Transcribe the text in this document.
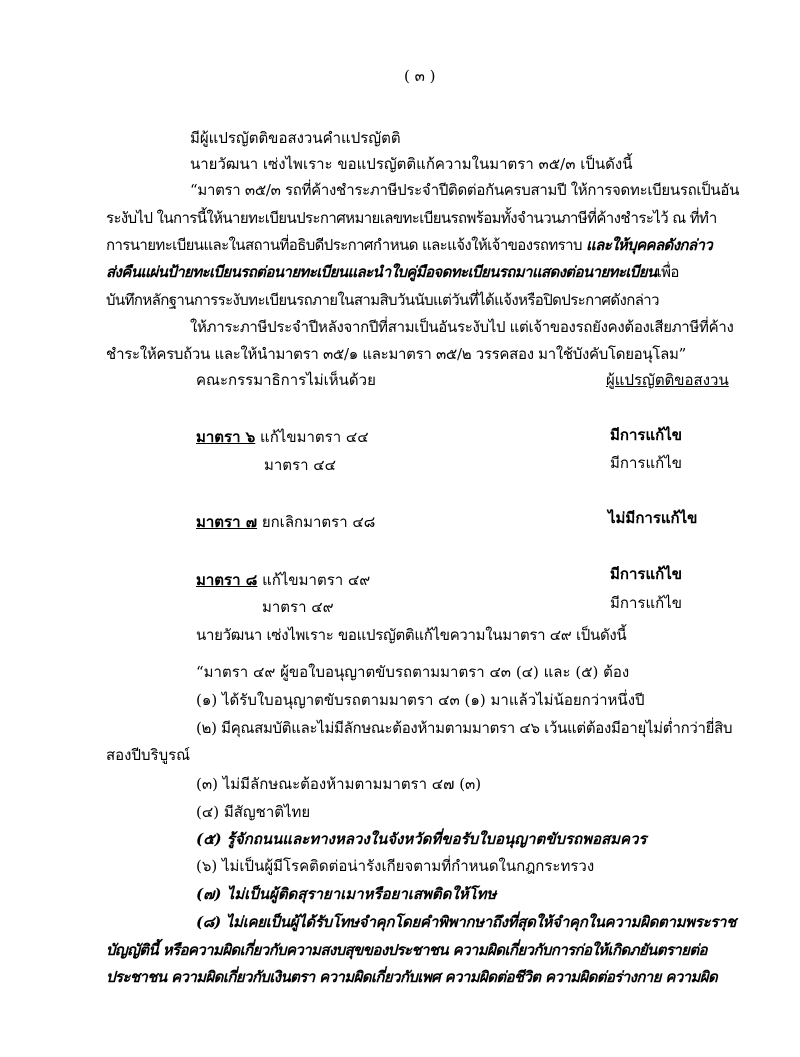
( ๓ )
มีผู้แปรญัตติขอสงวนคำแปรญัตติ
นายวัฒนา เซ่งไพเราะ ขอแปรญัตติแก้ความในมาตรา ๓๕/๓ เป็นดังนี้
“มาตรา ๓๕/๓ รถที่ค้างชำระภาษีประจำปีติดต่อกันครบสามปี ให้การจดทะเบียนรถเป็นอัน
ระงับไป ในการนี้ให้นายทะเบียนประกาศหมายเลขทะเบียนรถพร้อมทั้งจำนวนภาษีที่ค้างชำระไว้ ณ ที่ทำ
การนายทะเบียนและในสถานที่อธิบดีประกาศกำหนด และแจ้งให้เจ้าของรถทราบ และให้บุคคลดังกล่าว
ส่งคืนแผ่นป้ายทะเบียนรถต่อนายทะเบียนและนำใบคู่มือจดทะเบียนรถมาแสดงต่อนายทะเบียนเพื่อ
บันทึกหลักฐานการระงับทะเบียนรถภายในสามสิบวันนับแต่วันที่ได้แจ้งหรือปิดประกาศดังกล่าว
ให้ภาระภาษีประจำปีหลังจากปีที่สามเป็นอันระงับไป แต่เจ้าของรถยังคงต้องเสียภาษีที่ค้าง
ชำระให้ครบถ้วน และให้นำมาตรา ๓๕/๑ และมาตรา ๓๕/๒ วรรคสอง มาใช้บังคับโดยอนุโลม”
คณะกรรมาธิการไม่เห็นด้วย	ผู้แปรญัตติขอสงวน
มาตรา ๖ แก้ไขมาตรา ๔๔	มีการแก้ไข
มาตรา ๔๔	มีการแก้ไข
มาตรา ๗ ยกเลิกมาตรา ๔๘	ไม่มีการแก้ไข
มาตรา ๘ แก้ไขมาตรา ๔๙	มีการแก้ไข
มาตรา ๔๙	มีการแก้ไข
นายวัฒนา เซ่งไพเราะ ขอแปรญัตติแก้ไขความในมาตรา ๔๙ เป็นดังนี้
“มาตรา ๔๙ ผู้ขอใบอนุญาตขับรถตามมาตรา ๔๓ (๔) และ (๕) ต้อง
(๑) ได้รับใบอนุญาตขับรถตามมาตรา ๔๓ (๑) มาแล้วไม่น้อยกว่าหนึ่งปี
(๒) มีคุณสมบัติและไม่มีลักษณะต้องห้ามตามมาตรา ๔๖ เว้นแต่ต้องมีอายุไม่ต่ำกว่ายี่สิบ
สองปีบริบูรณ์
(๓) ไม่มีลักษณะต้องห้ามตามมาตรา ๔๗ (๓)
(๔) มีสัญชาติไทย
(๕) รู้จักถนนและทางหลวงในจังหวัดที่ขอรับใบอนุญาตขับรถพอสมควร
(๖) ไม่เป็นผู้มีโรคติดต่อน่ารังเกียจตามที่กำหนดในกฎกระทรวง
(๗) ไม่เป็นผู้ติดสุรายาเมาหรือยาเสพติดให้โทษ
(๘) ไม่เคยเป็นผู้ได้รับโทษจำคุกโดยคำพิพากษาถึงที่สุดให้จำคุกในความผิดตามพระราช
บัญญัตินี้ หรือความผิดเกี่ยวกับความสงบสุขของประชาชน ความผิดเกี่ยวกับการก่อให้เกิดภยันตรายต่อ
ประชาชน ความผิดเกี่ยวกับเงินตรา ความผิดเกี่ยวกับเพศ ความผิดต่อชีวิต ความผิดต่อร่างกาย ความผิด
